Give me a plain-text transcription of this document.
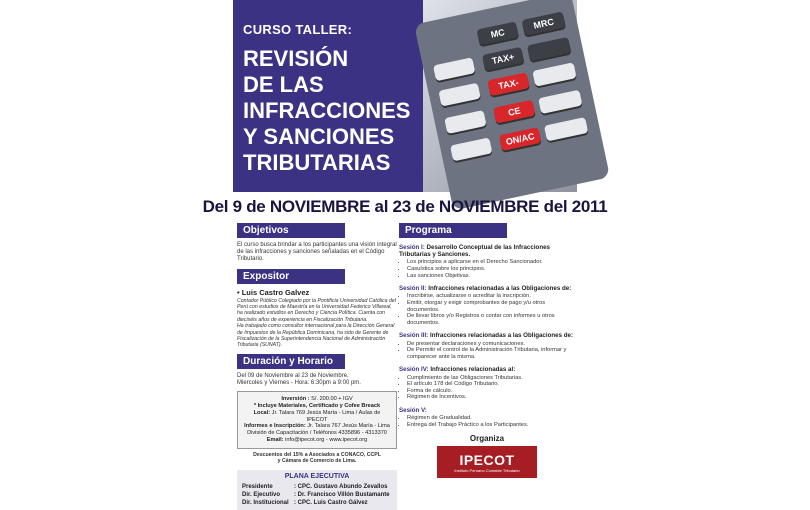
CURSO TALLER:
REVISIÓN
DE LAS
INFRACCIONES
Y SANCIONES
TRIBUTARIAS
MC
MRC
TAX+
TAX-
CE
ON/AC
Del 9 de NOVIEMBRE al 23 de NOVIEMBRE del 2011
Objetivos
El curso busca brindar a los participantes una visión integral de las infracciones y sanciones señaladas en el Código Tributario.
Expositor
• Luis Castro Galvez
Contador Público Colegiado por la Pontificia Universidad Católica del Perú con estudios de Maestría en la Universidad Federico Villareal, ha realizado estudios en Derecho y Ciencia Política. Cuenta con dieciséis años de experiencia en Fiscalización Tributaria.
Ha trabajado como consultor internacional para la Dirección General de Impuestos de la República Dominicana, ha sido de Gerente de Fiscalización de la Superintendencia Nacional de Administración Tributaria (SUNAT).
Duración y Horario
Del 09 de Noviembre al 23 de Noviembre.
Miercoles y Viernes - Hora: 6:30pm a 9:00 pm.
Inversión : S/. 200.00 + IGV
* Incluye Materiales, Certificado y Cofee Breack
Local: Jr. Talara 769 Jesús María - Lima / Aulas de IPECOT
Informes e Inscripción: Jr. Talara 767 Jesús María - Lima
División de Capacitación / Teléfonos 4335896 - 4313370
Email: info@ipecot.org - www.ipecot.org
Descuentos del 15% a Asociados a CONACO, CCPL y Cámara de Comercio de Lima.
PLANA EJECUTIVA
Presidente	: CPC. Gustavo Abundo Zevallos
Dir. Ejecutivo	: Dr. Francisco Villón Bustamante
Dir. Institucional : CPC. Luis Castro Gálvez
Programa
Sesión I: Desarrollo Conceptual de las Infracciones Tributarias y Sanciones.
• Los principios a aplicarse en el Derecho Sancionador.
• Casuística sobre los principios.
• Las sanciones Objetivas.
Sesión II: Infracciones relacionadas a las Obligaciones de:
• Inscribirse, actualizarse o acreditar la inscripción.
• Emitir, otorgar y exigir comprobantes de pago y/u otros documentos.
• De llevar libros y/o Registros o contar con informes u otros documentos.
Sesión III: Infracciones relacionadas a las Obligaciones de:
• De presentar declaraciones y comunicaciones.
• De Permitir el control de la Administración Tributaria, informar y comparecer ante la misma.
Sesión IV: Infracciones relacionadas al:
• Cumplimiento de las Obligaciones Tributarias.
• El artículo 178 del Código Tributario.
• Forma de cálculo.
• Régimen de Incentivos.
Sesión V:
• Régimen de Gradualidad.
• Entrega del Trabajo Práctico a los Participantes.
Organiza
IPECOT
Instituto Peruano Contable Tributario
